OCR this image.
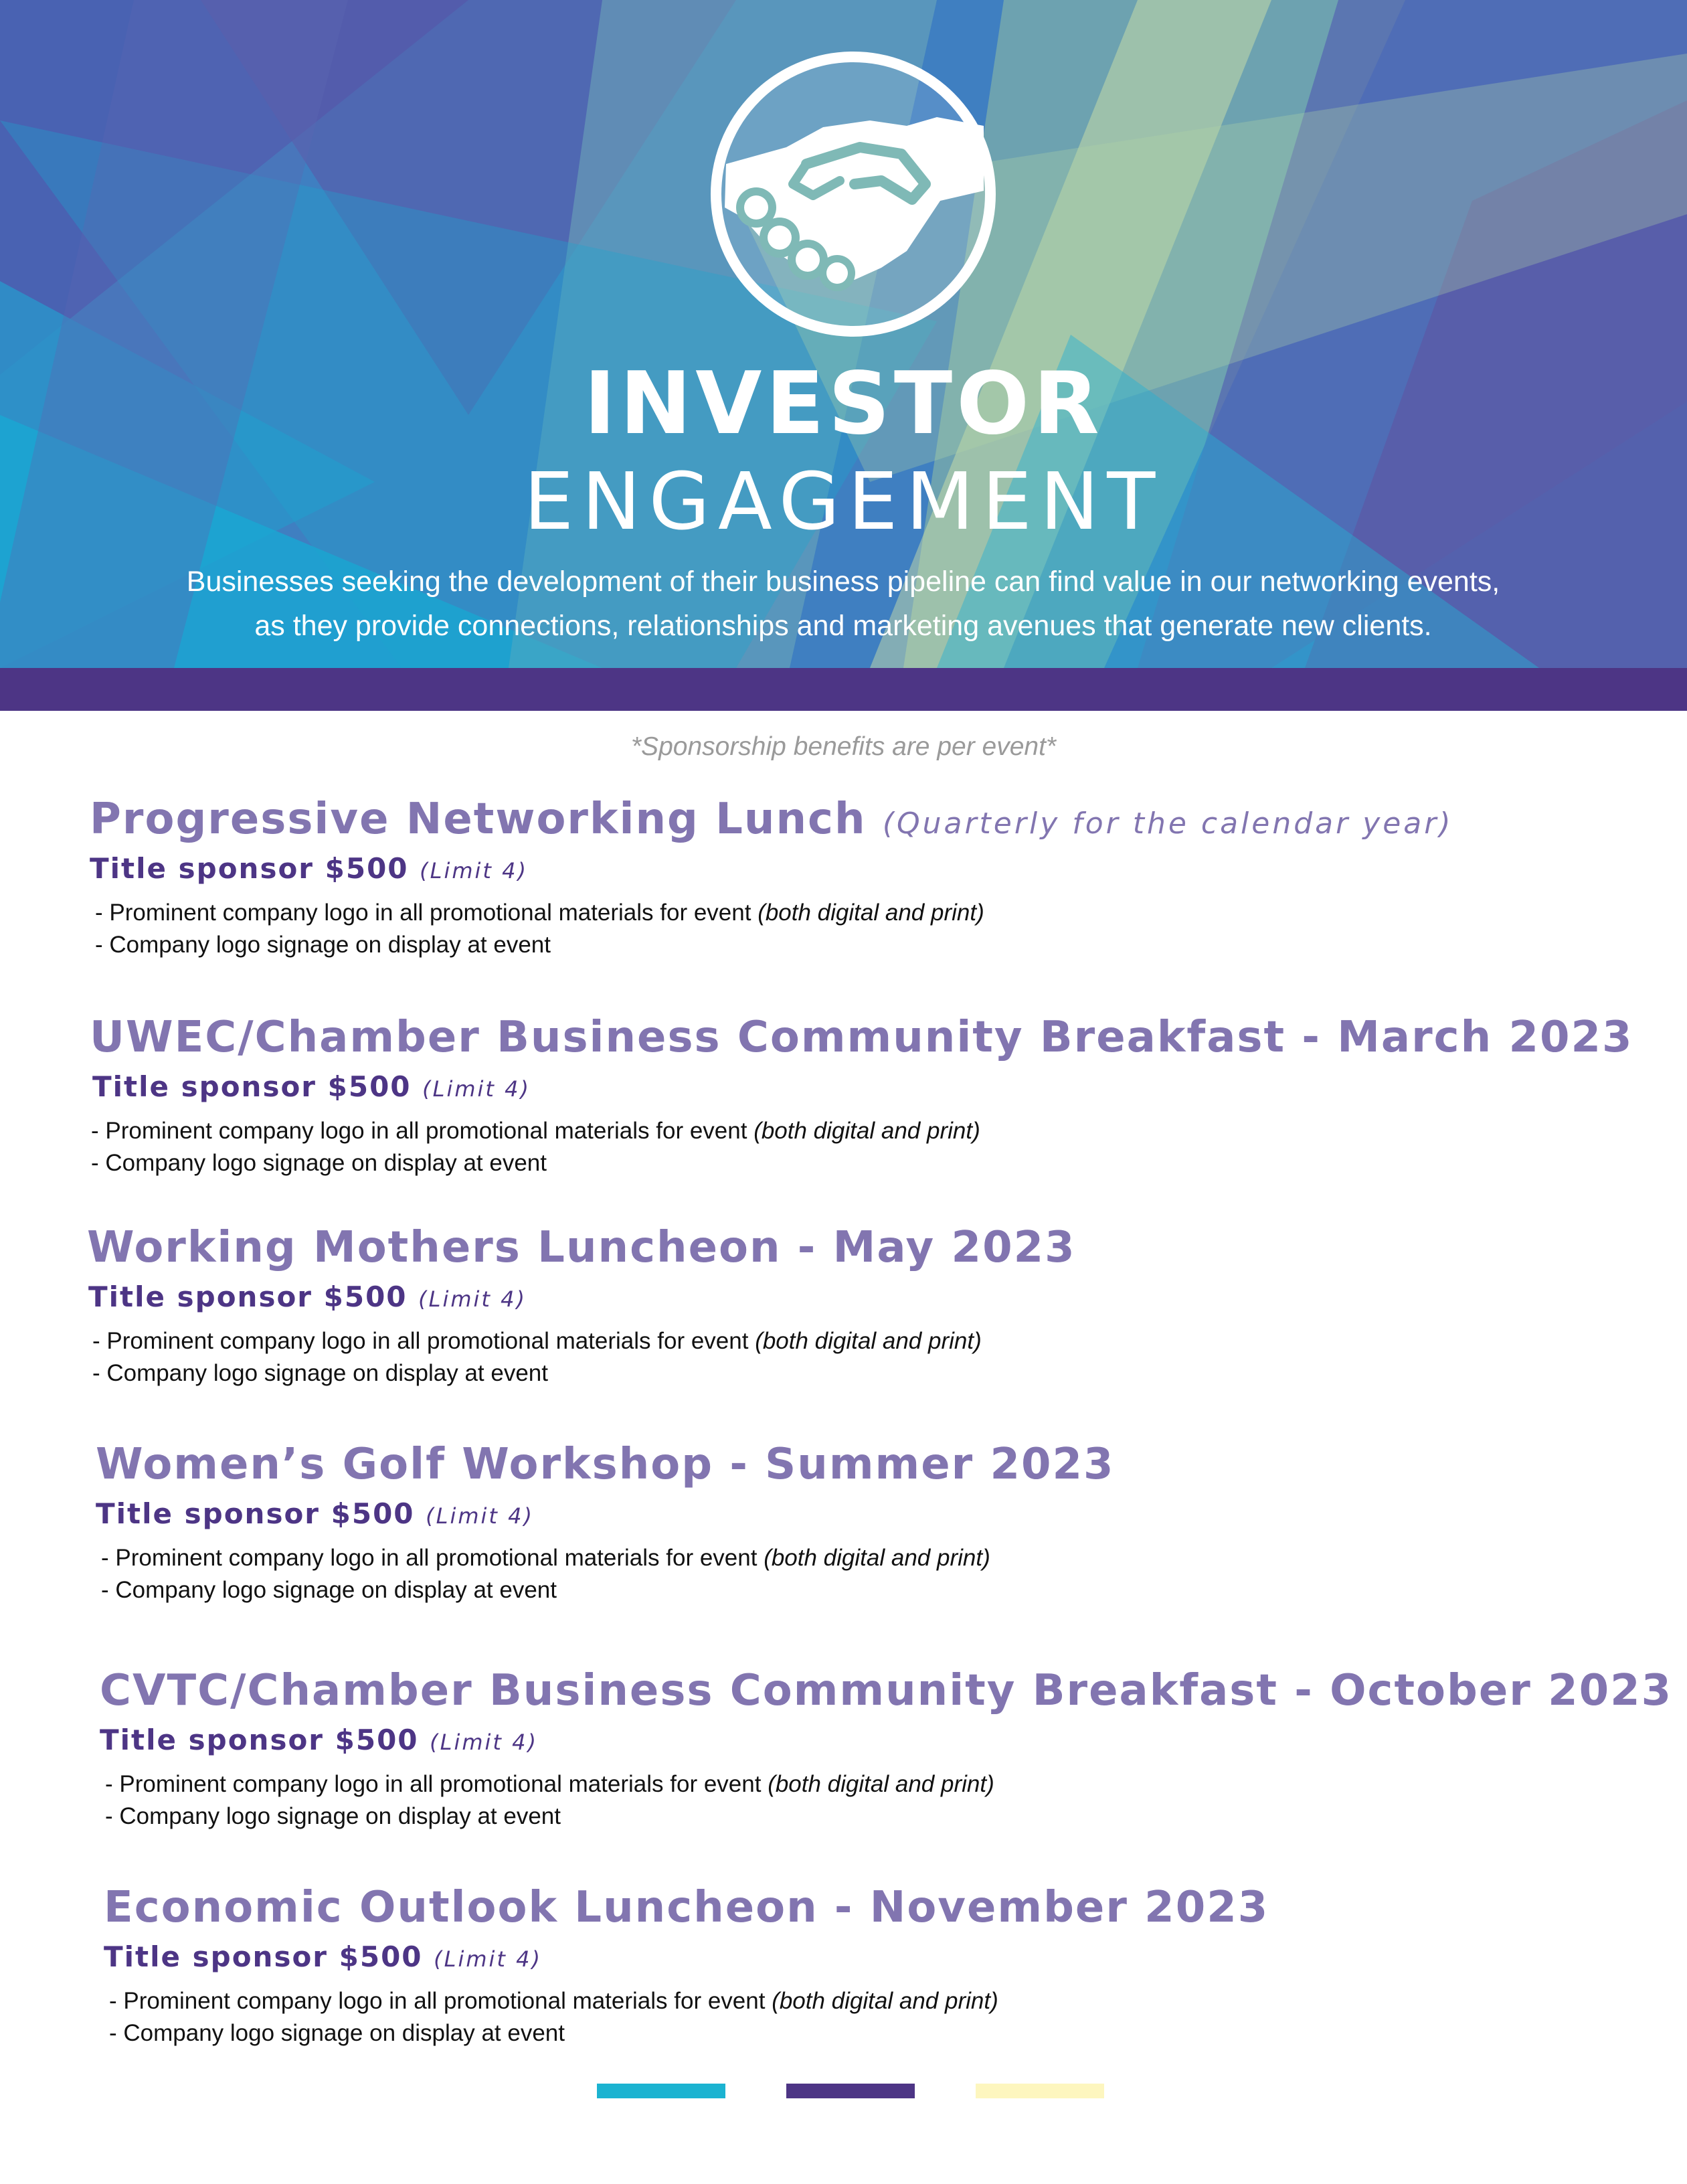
INVESTOR
ENGAGEMENT
Businesses seeking the development of their business pipeline can find value in our networking events,
as they provide connections, relationships and marketing avenues that generate new clients.
*Sponsorship benefits are per event*
Progressive Networking Lunch (Quarterly for the calendar year)
Title sponsor $500 (Limit 4)
- Prominent company logo in all promotional materials for event (both digital and print)
- Company logo signage on display at event
UWEC/Chamber Business Community Breakfast - March 2023
Title sponsor $500 (Limit 4)
- Prominent company logo in all promotional materials for event (both digital and print)
- Company logo signage on display at event
Working Mothers Luncheon - May 2023
Title sponsor $500 (Limit 4)
- Prominent company logo in all promotional materials for event (both digital and print)
- Company logo signage on display at event
Women’s Golf Workshop - Summer 2023
Title sponsor $500 (Limit 4)
- Prominent company logo in all promotional materials for event (both digital and print)
- Company logo signage on display at event
CVTC/Chamber Business Community Breakfast - October 2023
Title sponsor $500 (Limit 4)
- Prominent company logo in all promotional materials for event (both digital and print)
- Company logo signage on display at event
Economic Outlook Luncheon - November 2023
Title sponsor $500 (Limit 4)
- Prominent company logo in all promotional materials for event (both digital and print)
- Company logo signage on display at event
